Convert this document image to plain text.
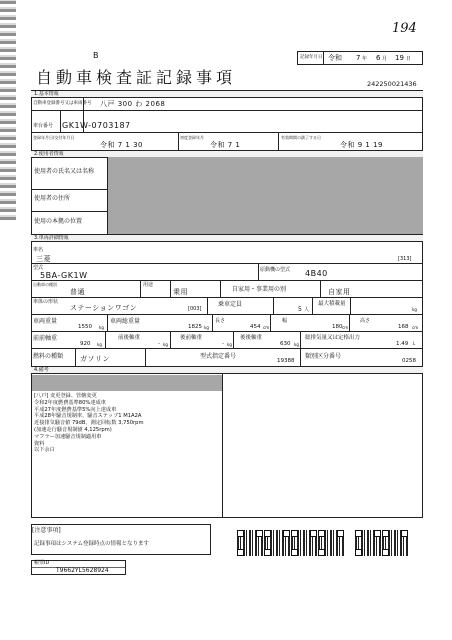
194
B
自動車検査証記録事項
記録年月日 令和 7 年 6 月 19 日
242250021436
1.基本情報
自動車登録番号又は車両番号 八戸 300 わ 2068
車台番号 GK1W-0703187
登録年月日/交付年月日
令和 7 1 30
初度登録年月
令和 7 1
有効期間の満了する日
令和 9 1 19
2.使用者情報
使用者の氏名又は名称
使用者の住所
使用の本拠の位置
3.車両詳細情報
車名
三菱	[313]
型式
5BA-GK1W
原動機の型式 4B40
自動車の種別
普通
用途
乗用	自家用・事業用の別	自家用
車体の形状
ステーションワゴン	[003]
乗車定員
5 人
最大積載量
kg
車両重量
1550 kg
車両総重量
1825 kg
長さ
454 cm
幅
180 cm
高さ
168 cm
前前軸重
920 kg
前後軸重
- kg
後前軸重
- kg
後後軸重
630 kg
総排気量又は定格出力
1.49 L
燃料の種類 ガソリン	型式指定番号
19388
類別区分番号
0258
4.備考
[八戸] 変更登録、管轄変更
令和2年度燃費基準80%達成車
平成27年度燃費基準5%向上達成車
平成28年騒音規制車、騒音ステップ1 M1A2A
近接排気騒音値 79dB、測定回転数 3,750rpm
(加速走行騒音規制値 4,125rpm)
マフラー加速騒音規制適用車
資料
以下余白
[注意事項]
記録事項はシステム登録時点の情報となります
帳票ID
T9662YL5628924
